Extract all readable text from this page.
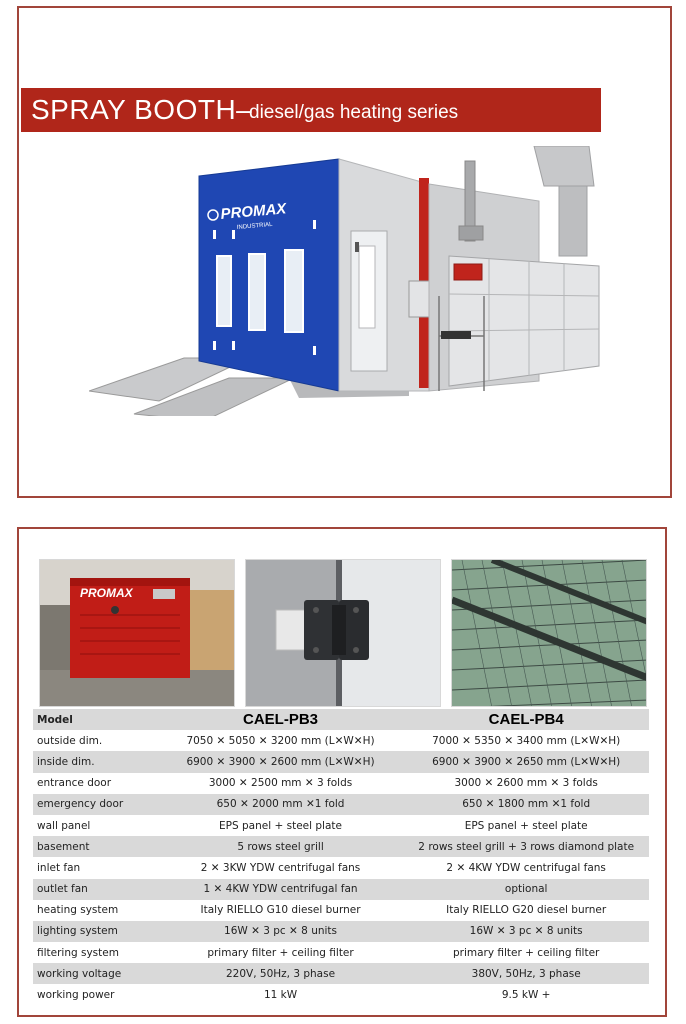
SPRAY BOOTH–
diesel/gas heating series
PROMAX
INDUSTRIAL
PROMAX
Model	CAEL-PB3	CAEL-PB4
outside dim.	7050 ✕ 5050 ✕ 3200 mm (L✕W✕H)	7000 ✕ 5350 ✕ 3400 mm (L✕W✕H)
inside dim.	6900 ✕ 3900 ✕ 2600 mm (L✕W✕H)	6900 ✕ 3900 ✕ 2650 mm (L✕W✕H)
entrance door	3000 ✕ 2500 mm ✕ 3 folds	3000 ✕ 2600 mm ✕ 3 folds
emergency door	650 ✕ 2000 mm ✕1 fold	650 ✕ 1800 mm ✕1 fold
wall panel	EPS panel + steel plate	EPS panel + steel plate
basement	5 rows steel grill	2 rows steel grill + 3 rows diamond plate
inlet fan	2 ✕ 3KW YDW centrifugal fans	2 ✕ 4KW YDW centrifugal fans
outlet fan	1 ✕ 4KW YDW centrifugal fan	optional
heating system	Italy RIELLO G10 diesel burner	Italy RIELLO G20 diesel burner
lighting system	16W ✕ 3 pc ✕ 8 units	16W ✕ 3 pc ✕ 8 units
filtering system	primary filter + ceiling filter	primary filter + ceiling filter
working voltage	220V, 50Hz, 3 phase	380V, 50Hz, 3 phase
working power	11 kW	9.5 kW +
